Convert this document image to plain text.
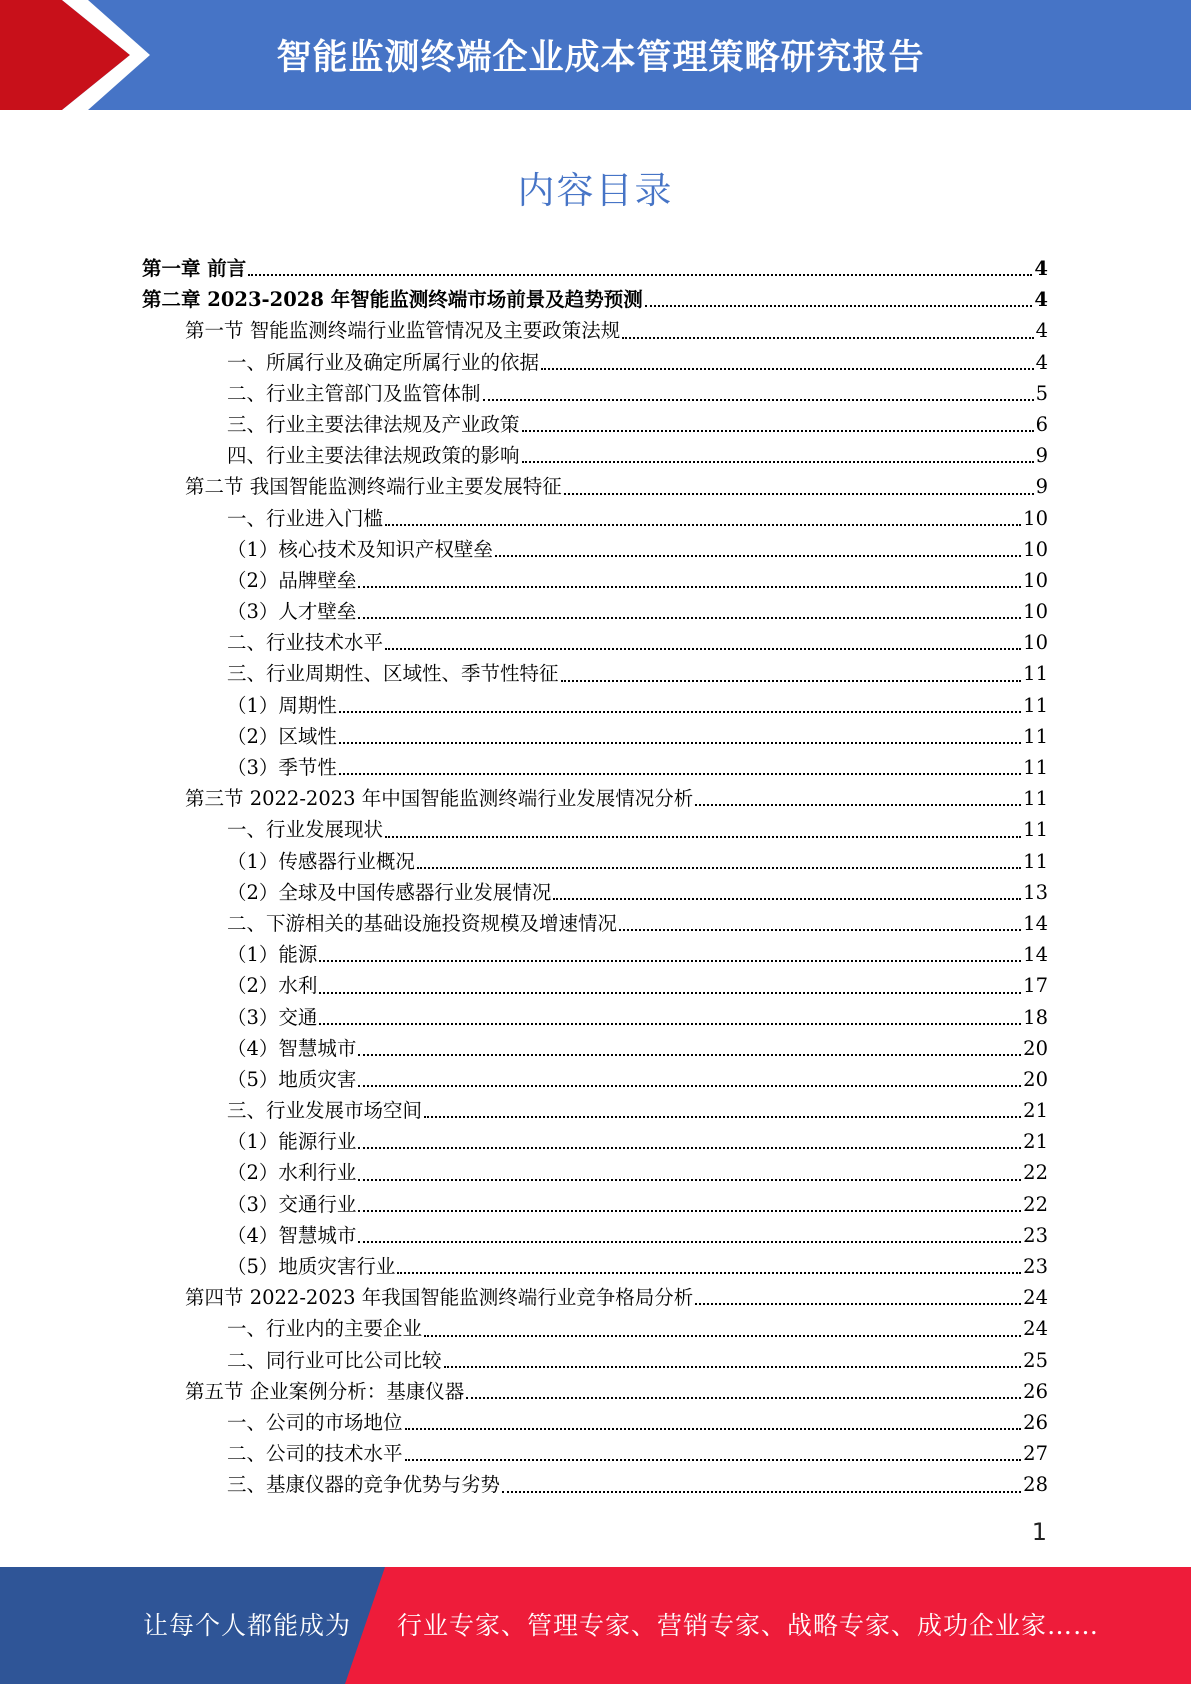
智能监测终端企业成本管理策略研究报告
内容目录
第一章 前言	4
第二章 2023-2028 年智能监测终端市场前景及趋势预测	4
第一节 智能监测终端行业监管情况及主要政策法规	4
一、所属行业及确定所属行业的依据	4
二、行业主管部门及监管体制	5
三、行业主要法律法规及产业政策	6
四、行业主要法律法规政策的影响	9
第二节 我国智能监测终端行业主要发展特征	9
一、行业进入门槛	10
（1）核心技术及知识产权壁垒	10
（2）品牌壁垒	10
（3）人才壁垒	10
二、行业技术水平	10
三、行业周期性、区域性、季节性特征	11
（1）周期性	11
（2）区域性	11
（3）季节性	11
第三节 2022-2023 年中国智能监测终端行业发展情况分析	11
一、行业发展现状	11
（1）传感器行业概况	11
（2）全球及中国传感器行业发展情况	13
二、下游相关的基础设施投资规模及增速情况	14
（1）能源	14
（2）水利	17
（3）交通	18
（4）智慧城市	20
（5）地质灾害	20
三、行业发展市场空间	21
（1）能源行业	21
（2）水利行业	22
（3）交通行业	22
（4）智慧城市	23
（5）地质灾害行业	23
第四节 2022-2023 年我国智能监测终端行业竞争格局分析	24
一、行业内的主要企业	24
二、同行业可比公司比较	25
第五节 企业案例分析：基康仪器	26
一、公司的市场地位	26
二、公司的技术水平	27
三、基康仪器的竞争优势与劣势	28
1
让每个人都能成为 行业专家、管理专家、营销专家、战略专家、成功企业家……
